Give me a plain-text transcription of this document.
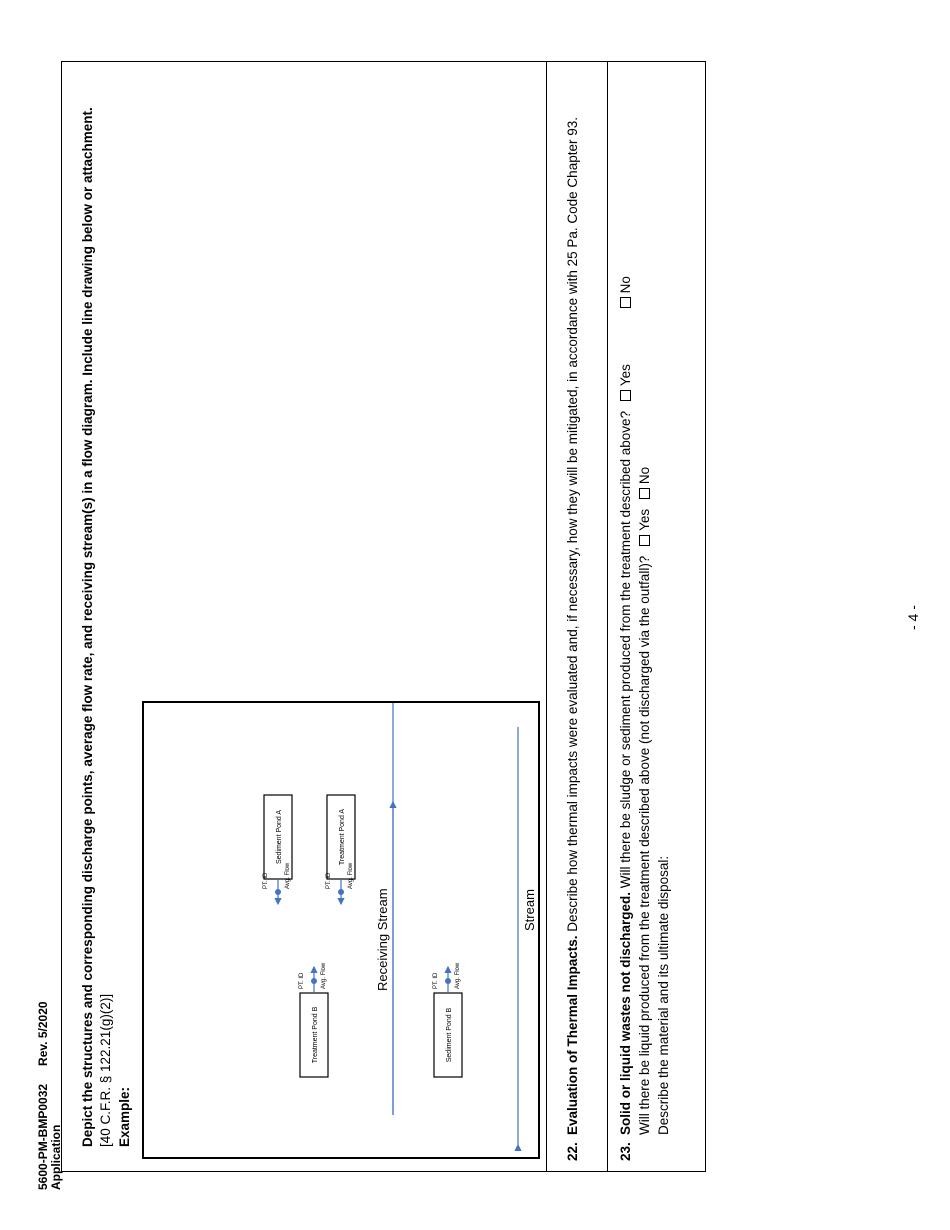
5600-PM-BMP0032Rev. 5/2020
Application
Depict the structures and corresponding discharge points, average flow rate, and receiving stream(s) in a flow diagram. Include line drawing below or attachment. [40 C.F.R. § 122.21(g)(2)] Example:
Receiving Stream	Stream
Sediment Pond A
PT. ID	Avg. Flow
Treatment Pond A
PT. ID	Avg. Flow
Treatment Pond B
PT. ID	Avg. Flow
Sediment Pond B
PT. ID	Avg. Flow
22.Evaluation of Thermal Impacts. Describe how thermal impacts were evaluated and, if necessary, how they will be mitigated, in accordance with 25 Pa. Code Chapter 93.
23.Solid or liquid wastes not discharged. Will there be sludge or sediment produced from the treatment described above? Yes No
Will there be liquid produced from the treatment described above (not discharged via the outfall)? Yes No
Describe the material and its ultimate disposal:
- 4 -
